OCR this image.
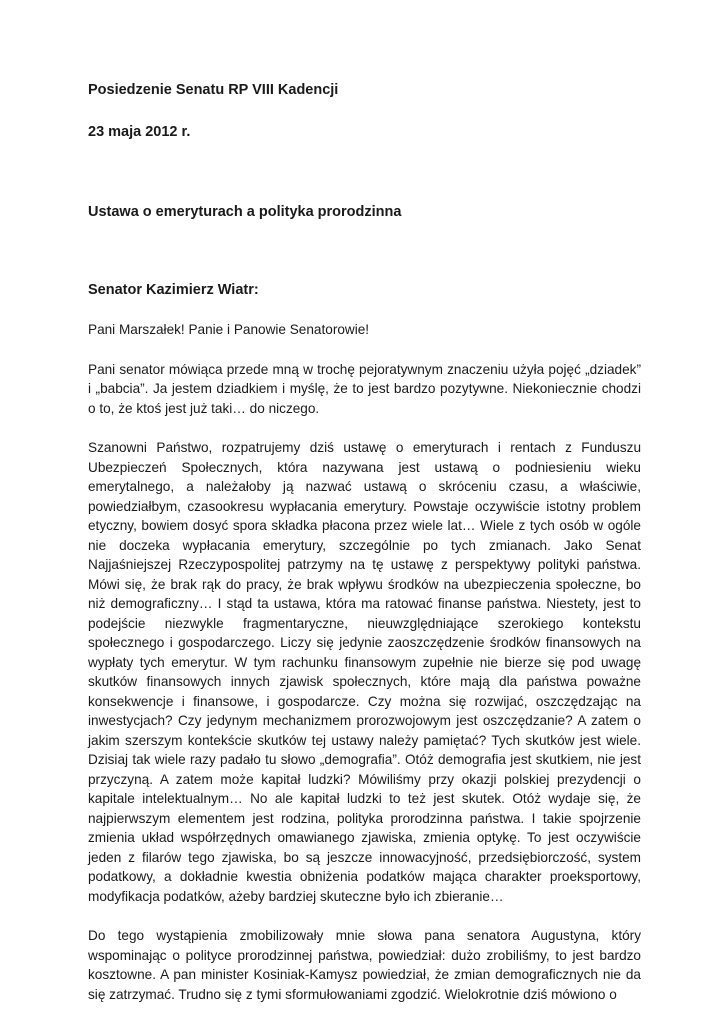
Posiedzenie Senatu RP VIII Kadencji

23 maja 2012 r.

Ustawa o emeryturach a polityka prorodzinna

Senator Kazimierz Wiatr:

Pani Marszałek! Panie i Panowie Senatorowie!

Pani senator mówiąca przede mną w trochę pejoratywnym znaczeniu użyła pojęć „dziadek” i „babcia”. Ja jestem dziadkiem i myślę, że to jest bardzo pozytywne. Niekoniecznie chodzi o to, że ktoś jest już taki… do niczego.

Szanowni Państwo, rozpatrujemy dziś ustawę o emeryturach i rentach z Funduszu Ubezpieczeń Społecznych, która nazywana jest ustawą o podniesieniu wieku emerytalnego, a należałoby ją nazwać ustawą o skróceniu czasu, a właściwie, powiedziałbym, czasookresu wypłacania emerytury. Powstaje oczywiście istotny problem etyczny, bowiem dosyć spora składka płacona przez wiele lat… Wiele z tych osób w ogóle nie doczeka wypłacania emerytury, szczególnie po tych zmianach. Jako Senat Najjaśniejszej Rzeczypospolitej patrzymy na tę ustawę z perspektywy polityki państwa. Mówi się, że brak rąk do pracy, że brak wpływu środków na ubezpieczenia społeczne, bo niż demograficzny… I stąd ta ustawa, która ma ratować finanse państwa. Niestety, jest to podejście niezwykle fragmentaryczne, nieuwzględniające szerokiego kontekstu społecznego i gospodarczego. Liczy się jedynie zaoszczędzenie środków finansowych na wypłaty tych emerytur. W tym rachunku finansowym zupełnie nie bierze się pod uwagę skutków finansowych innych zjawisk społecznych, które mają dla państwa poważne konsekwencje i finansowe, i gospodarcze. Czy można się rozwijać, oszczędzając na inwestycjach? Czy jedynym mechanizmem prorozwojowym jest oszczędzanie? A zatem o jakim szerszym kontekście skutków tej ustawy należy pamiętać? Tych skutków jest wiele. Dzisiaj tak wiele razy padało tu słowo „demografia”. Otóż demografia jest skutkiem, nie jest przyczyną. A zatem może kapitał ludzki? Mówiliśmy przy okazji polskiej prezydencji o kapitale intelektualnym… No ale kapitał ludzki to też jest skutek. Otóż wydaje się, że najpierwszym elementem jest rodzina, polityka prorodzinna państwa. I takie spojrzenie zmienia układ współrzędnych omawianego zjawiska, zmienia optykę. To jest oczywiście jeden z filarów tego zjawiska, bo są jeszcze innowacyjność, przedsiębiorczość, system podatkowy, a dokładnie kwestia obniżenia podatków mająca charakter proeksportowy, modyfikacja podatków, ażeby bardziej skuteczne było ich zbieranie…

Do tego wystąpienia zmobilizowały mnie słowa pana senatora Augustyna, który wspominając o polityce prorodzinnej państwa, powiedział: dużo zrobiliśmy, to jest bardzo kosztowne. A pan minister Kosiniak-Kamysz powiedział, że zmian demograficznych nie da się zatrzymać. Trudno się z tymi sformułowaniami zgodzić. Wielokrotnie dziś mówiono o
